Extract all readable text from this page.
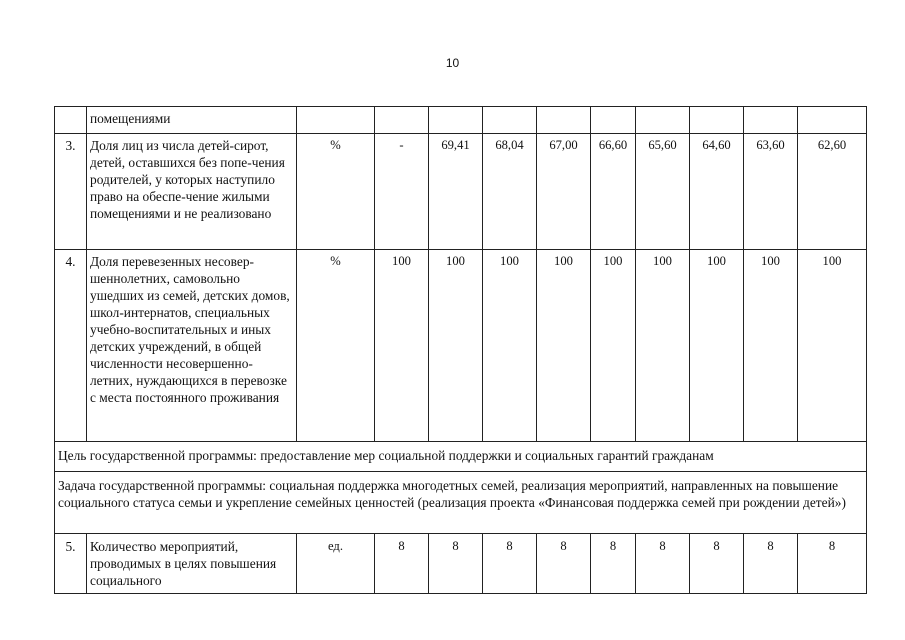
10
	помещениями										
3.	Доля лиц из числа детей-сирот, детей, оставшихся без попе-чения родителей, у которых наступило право на обеспе-чение жилыми помещениями и не реализовано	%	-	69,41	68,04	67,00	66,60	65,60	64,60	63,60	62,60
4.	Доля перевезенных несовер-шеннолетних, самовольно ушедших из семей, детских домов, школ-интернатов, специальных учебно-воспитательных и иных детских учреждений, в общей численности несовершенно-летних, нуждающихся в перевозке с места постоянного проживания	%	100	100	100	100	100	100	100	100	100
Цель государственной программы: предоставление мер социальной поддержки и социальных гарантий гражданам											
Задача государственной программы: социальная поддержка многодетных семей, реализация мероприятий, направленных на повышение социального статуса семьи и укрепление семейных ценностей (реализация проекта «Финансовая поддержка семей при рождении детей»)											
5.	Количество мероприятий, проводимых в целях повышения социального	ед.	8	8	8	8	8	8	8	8	8
